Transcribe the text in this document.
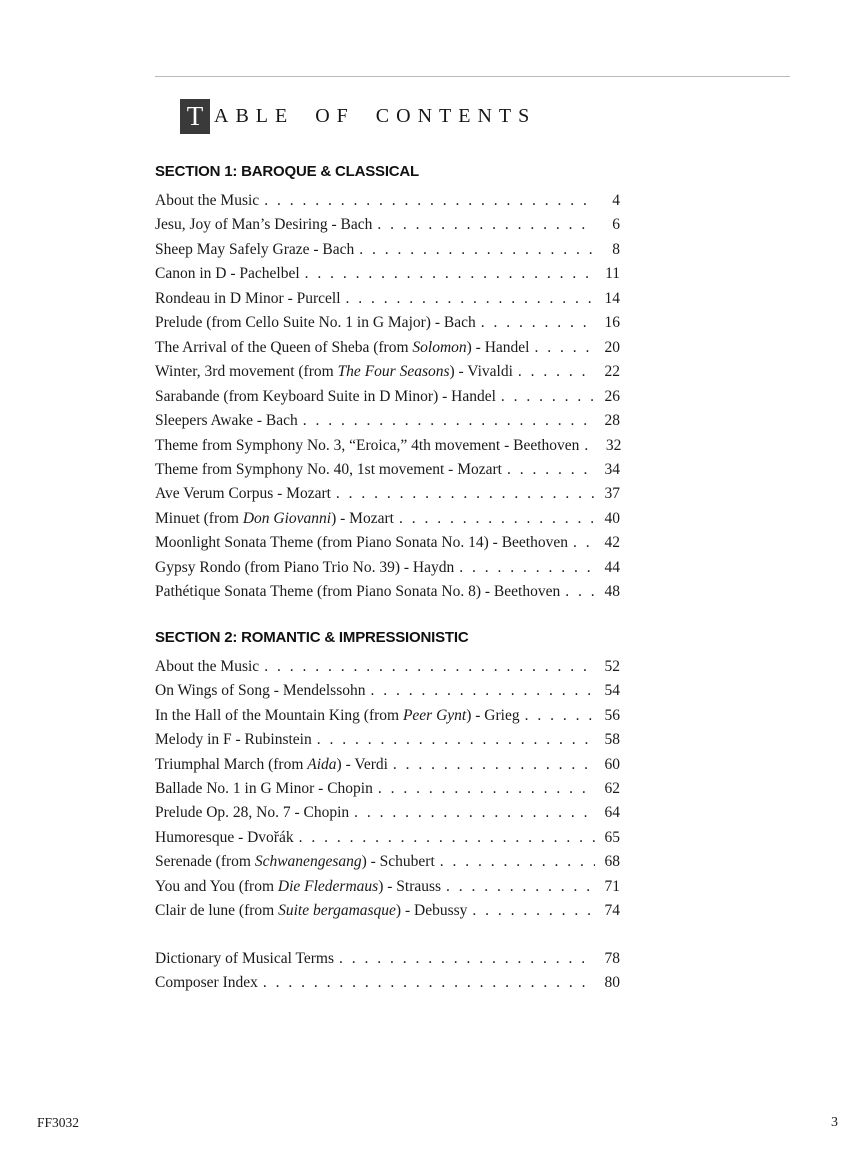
T ABLE OF CONTENTS
SECTION 1: BAROQUE & CLASSICAL
About the Music . . .	4
Jesu, Joy of Man’s Desiring - Bach . . .	6
Sheep May Safely Graze - Bach . . .	8
Canon in D - Pachelbel . . .	11
Rondeau in D Minor - Purcell . . .	14
Prelude (from Cello Suite No. 1 in G Major) - Bach . . .	16
The Arrival of the Queen of Sheba (from Solomon) - Handel . . .	20
Winter, 3rd movement (from The Four Seasons) - Vivaldi . . .	22
Sarabande (from Keyboard Suite in D Minor) - Handel . . .	26
Sleepers Awake - Bach . . .	28
Theme from Symphony No. 3, “Eroica,” 4th movement - Beethoven . . .	32
Theme from Symphony No. 40, 1st movement - Mozart . . .	34
Ave Verum Corpus - Mozart . . .	37
Minuet (from Don Giovanni) - Mozart . . .	40
Moonlight Sonata Theme (from Piano Sonata No. 14) - Beethoven . . .	42
Gypsy Rondo (from Piano Trio No. 39) - Haydn . . .	44
Pathétique Sonata Theme (from Piano Sonata No. 8) - Beethoven . . .	48
SECTION 2: ROMANTIC & IMPRESSIONISTIC
About the Music . . .	52
On Wings of Song - Mendelssohn . . .	54
In the Hall of the Mountain King (from Peer Gynt) - Grieg . . .	56
Melody in F - Rubinstein . . .	58
Triumphal March (from Aida) - Verdi . . .	60
Ballade No. 1 in G Minor - Chopin . . .	62
Prelude Op. 28, No. 7 - Chopin . . .	64
Humoresque - Dvořák . . .	65
Serenade (from Schwanengesang) - Schubert . . .	68
You and You (from Die Fledermaus) - Strauss . . .	71
Clair de lune (from Suite bergamasque) - Debussy . . .	74
Dictionary of Musical Terms . . .	78
Composer Index . . .	80
FF3032	3
